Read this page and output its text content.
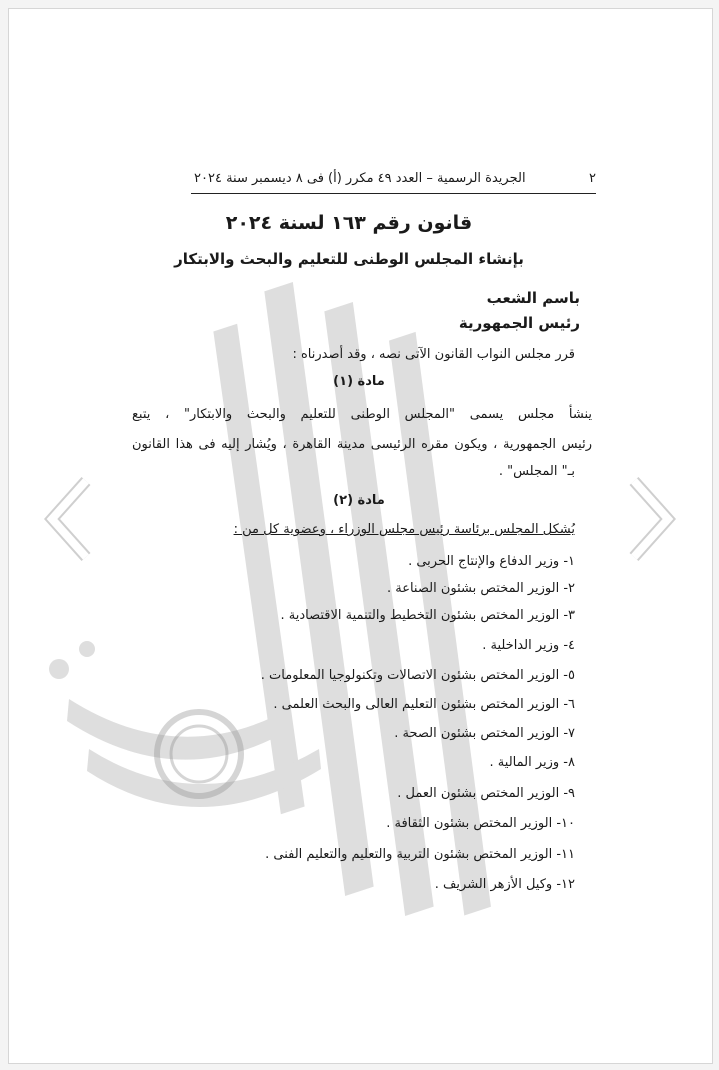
٢
الجريدة الرسمية – العدد ٤٩ مكرر (أ) فى ٨ ديسمبر سنة ٢٠٢٤
قانون رقم ١٦٣ لسنة ٢٠٢٤
بإنشاء المجلس الوطنى للتعليم والبحث والابتكار
باسم الشعب
رئيس الجمهورية
قرر مجلس النواب القانون الآتى نصه ، وقد أصدرناه :
مادة (١)
ينشأ مجلس يسمى "المجلس الوطنى للتعليم والبحث والابتكار" ، يتبع
رئيس الجمهورية ، ويكون مقره الرئيسى مدينة القاهرة ، ويُشار إليه فى هذا القانون
بـ" المجلس" .
مادة (٢)
يُشكل المجلس برئاسة رئيس مجلس الوزراء ، وعضوية كل من :
١- وزير الدفاع والإنتاج الحربى .
٢- الوزير المختص بشئون الصناعة .
٣- الوزير المختص بشئون التخطيط والتنمية الاقتصادية .
٤- وزير الداخلية .
٥- الوزير المختص بشئون الاتصالات وتكنولوجيا المعلومات .
٦- الوزير المختص بشئون التعليم العالى والبحث العلمى .
٧- الوزير المختص بشئون الصحة .
٨- وزير المالية .
٩- الوزير المختص بشئون العمل .
١٠- الوزير المختص بشئون الثقافة .
١١- الوزير المختص بشئون التربية والتعليم والتعليم الفنى .
١٢- وكيل الأزهر الشريف .
